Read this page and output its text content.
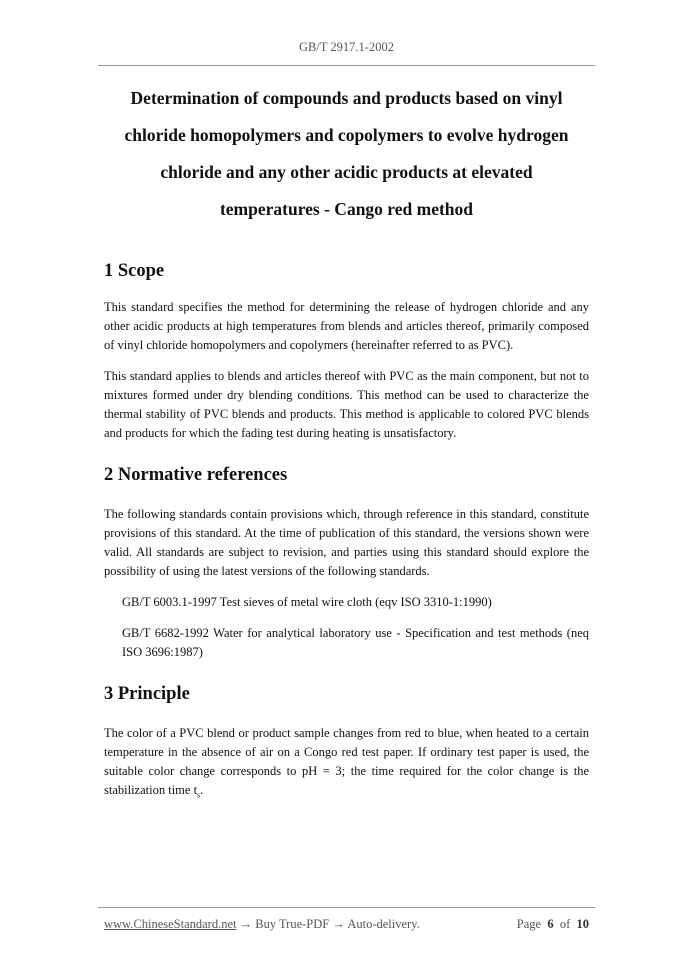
GB/T 2917.1-2002

Determination of compounds and products based on vinyl

chloride homopolymers and copolymers to evolve hydrogen

chloride and any other acidic products at elevated

temperatures - Cango red method

1 Scope

This standard specifies the method for determining the release of hydrogen chloride and any other acidic products at high temperatures from blends and articles thereof, primarily composed of vinyl chloride homopolymers and copolymers (hereinafter referred to as PVC).

This standard applies to blends and articles thereof with PVC as the main component, but not to mixtures formed under dry blending conditions. This method can be used to characterize the thermal stability of PVC blends and products. This method is applicable to colored PVC blends and products for which the fading test during heating is unsatisfactory.

2 Normative references

The following standards contain provisions which, through reference in this standard, constitute provisions of this standard. At the time of publication of this standard, the versions shown were valid. All standards are subject to revision, and parties using this standard should explore the possibility of using the latest versions of the following standards.

GB/T 6003.1-1997 Test sieves of metal wire cloth (eqv ISO 3310-1:1990)

GB/T 6682-1992 Water for analytical laboratory use - Specification and test methods (neq ISO 3696:1987)

3 Principle

The color of a PVC blend or product sample changes from red to blue, when heated to a certain temperature in the absence of air on a Congo red test paper. If ordinary test paper is used, the suitable color change corresponds to pH = 3; the time required for the color change is the stabilization time $t_s$.

www.ChineseStandard.net → Buy True-PDF → Auto-delivery.	Page 6 of 10
